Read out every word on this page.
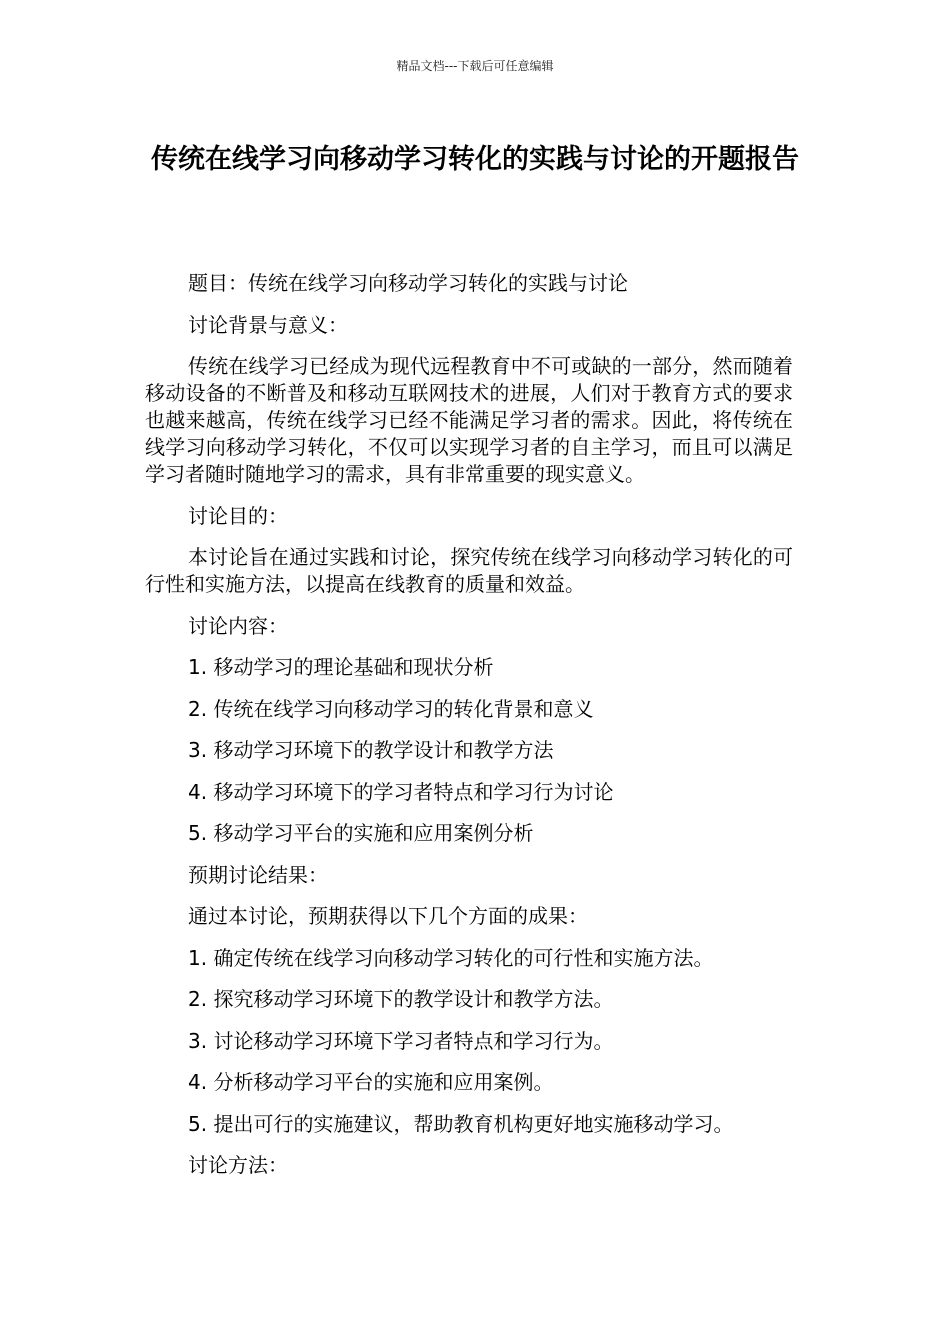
精品文档---下载后可任意编辑
传统在线学习向移动学习转化的实践与讨论的开题报告

题目：传统在线学习向移动学习转化的实践与讨论

讨论背景与意义：

传统在线学习已经成为现代远程教育中不可或缺的一部分，然而随着移动设备的不断普及和移动互联网技术的进展，人们对于教育方式的要求也越来越高，传统在线学习已经不能满足学习者的需求。因此，将传统在线学习向移动学习转化，不仅可以实现学习者的自主学习，而且可以满足学习者随时随地学习的需求，具有非常重要的现实意义。

讨论目的：

本讨论旨在通过实践和讨论，探究传统在线学习向移动学习转化的可行性和实施方法，以提高在线教育的质量和效益。

讨论内容：

1. 移动学习的理论基础和现状分析

2. 传统在线学习向移动学习的转化背景和意义

3. 移动学习环境下的教学设计和教学方法

4. 移动学习环境下的学习者特点和学习行为讨论

5. 移动学习平台的实施和应用案例分析

预期讨论结果：

通过本讨论，预期获得以下几个方面的成果：

1. 确定传统在线学习向移动学习转化的可行性和实施方法。

2. 探究移动学习环境下的教学设计和教学方法。

3. 讨论移动学习环境下学习者特点和学习行为。

4. 分析移动学习平台的实施和应用案例。

5. 提出可行的实施建议，帮助教育机构更好地实施移动学习。

讨论方法：
